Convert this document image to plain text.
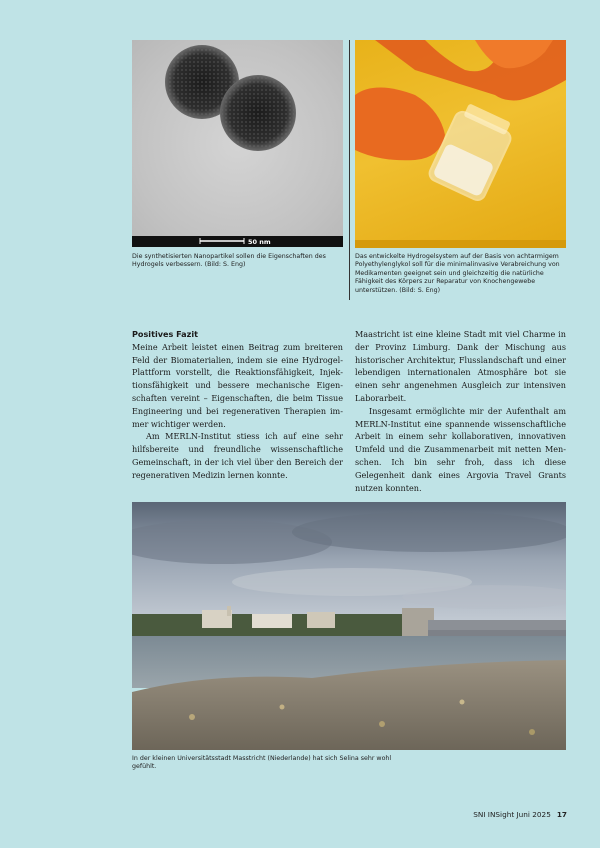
50 nm

Die synthetisierten Nanopartikel sollen die Eigenschaften des Hydrogels verbessern. (Bild: S. Eng)

Das entwickelte Hydrogelsystem auf der Basis von achtarmigem Polyethylenglykol soll für die minimalinvasive Verabreichung von Medikamenten geeignet sein und gleichzeitig die natürliche Fähigkeit des Körpers zur Reparatur von Knochengewebe unterstützen. (Bild: S. Eng)

Positives Fazit

Meine Arbeit leistet einen Beitrag zum breiteren Feld der Biomaterialien, indem sie eine Hydrogel-Plattform vorstellt, die Reaktionsfähigkeit, Injektionsfähigkeit und bessere mechanische Eigenschaften vereint – Eigenschaften, die beim Tissue Engineering und bei regenerativen Therapien immer wichtiger werden.

Am MERLN-Institut stiess ich auf eine sehr hilfsbereite und freundliche wissenschaftliche Gemeinschaft, in der ich viel über den Bereich der regenerativen Medizin lernen konnte.

Maastricht ist eine kleine Stadt mit viel Charme in der Provinz Limburg. Dank der Mischung aus historischer Architektur, Flusslandschaft und einer lebendigen internationalen Atmosphäre bot sie einen sehr angenehmen Ausgleich zur intensiven Laborarbeit.

Insgesamt ermöglichte mir der Aufenthalt am MERLN-Institut eine spannende wissenschaftliche Arbeit in einem sehr kollaborativen, innovativen Umfeld und die Zusammenarbeit mit netten Menschen. Ich bin sehr froh, dass ich diese Gelegenheit dank eines Argovia Travel Grants nutzen konnten.

In der kleinen Universitätsstadt Masstricht (Niederlande) hat sich Selina sehr wohl gefühlt.

SNI INSight Juni 2025 17
